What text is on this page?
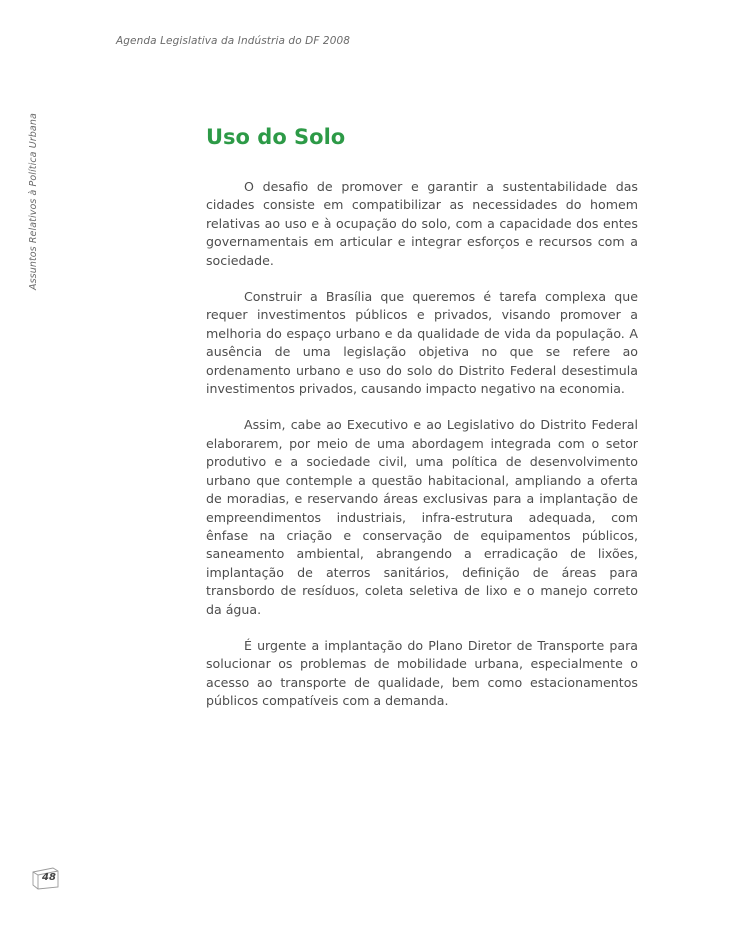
Agenda Legislativa da Indústria do DF 2008
Assuntos Relativos à Política Urbana	Uso do Solo

O desafio de promover e garantir a sustentabilidade das cidades consiste em compatibilizar as necessidades do homem relativas ao uso e à ocupação do solo, com a capacidade dos entes governamentais em articular e integrar esforços e recursos com a sociedade.

Construir a Brasília que queremos é tarefa complexa que requer investimentos públicos e privados, visando promover a melhoria do espaço urbano e da qualidade de vida da população. A ausência de uma legislação objetiva no que se refere ao ordenamento urbano e uso do solo do Distrito Federal desestimula investimentos privados, causando impacto negativo na economia.

Assim, cabe ao Executivo e ao Legislativo do Distrito Federal elaborarem, por meio de uma abordagem integrada com o setor produtivo e a sociedade civil, uma política de desenvolvimento urbano que contemple a questão habitacional, ampliando a oferta de moradias, e reservando áreas exclusivas para a implantação de empreendimentos industriais, infra-estrutura adequada, com ênfase na criação e conservação de equipamentos públicos, saneamento ambiental, abrangendo a erradicação de lixões, implantação de aterros sanitários, definição de áreas para transbordo de resíduos, coleta seletiva de lixo e o manejo correto da água.

É urgente a implantação do Plano Diretor de Transporte para solucionar os problemas de mobilidade urbana, especialmente o acesso ao transporte de qualidade, bem como estacionamentos públicos compatíveis com a demanda.

48
